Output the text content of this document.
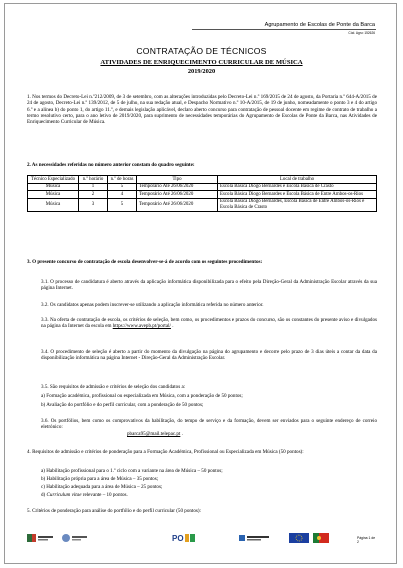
Agrupamento de Escolas de Ponte da Barca
Cód. Agru: 152626
CONTRATAÇÃO DE TÉCNICOS
ATIVIDADES DE ENRIQUECIMENTO CURRICULAR DE MÚSICA
2019/2020

1. Nos termos do Decreto-Lei n.º212/2009, de 3 de setembro, com as alterações introduzidas pelo Decreto-Lei n.º 169/2015 de 24 de agosto, da Portaria n.º 644-A/2015 de 24 de agosto, Decreto-Lei n.º 139/2012, de 5 de julho, na sua redação atual, e Despacho Normativo n.º 10-A/2015, de 19 de junho, nomeadamente o ponto 3 e 4 do artigo 6.º e a alínea b) do ponto 1, do artigo 11.º, e demais legislação aplicável, declaro aberto concurso para contratação de pessoal docente em regime de contrato de trabalho a termo resolutivo certo, para o ano letivo de 2019/2020, para suprimento de necessidades temporárias do Agrupamento de Escolas de Ponte da Barca, nas Atividades de Enriquecimento Curricular de Música.

2. As necessidades referidas no número anterior constam do quadro seguinte:

Técnico Especializado	n.º horário	n.º de horas	Tipo	Local de trabalho
Música	1	5	Temporário Até 26/06/2020	Escola Básica Diogo Bernardes e Escola Básica de Crasto
Música	2	4	Temporário Até 26/06/2020	Escola Básica Diogo Bernardes e Escola Básica de Entre Ambos-os-Rios
Música	3	5	Temporário Até 26/06/2020	Escola Básica Diogo Bernardes, Escola Básica de Entre Ambos-os-Rios e Escola Básica de Crasto

3. O presente concurso de contratação de escola desenvolver-se-á de acordo com os seguintes procedimentos:

3.1. O processo de candidatura é aberto através da aplicação informática disponibilizada para o efeito pela Direção-Geral da Administração Escolar através da sua página Internet.

3.2. Os candidatos apenas podem inscrever-se utilizando a aplicação informática referida no número anterior.

3.3. Na oferta de contratação de escola, os critérios de seleção, bem como, os procedimentos e prazos do concurso, são os constantes do presente aviso e divulgados na página da Internet da escola em https://www.avepb.pt/portal/ .

3.4. O procedimento de seleção é aberto a partir do momento da divulgação na página do agrupamento e decorre pelo prazo de 3 dias úteis a contar da data da disponibilização informática na página Internet - Direção-Geral da Administração Escolar.

3.5. São requisitos de admissão e critérios de seleção dos candidatos a:

a) Formação académica, profissional ou especializada em Música, com a ponderação de 50 pontos;

b) Avaliação do portfólio e do perfil curricular, com a ponderação de 50 pontos;

3.6. Os portfólios, bem como os comprovativos da habilitação, do tempo de serviço e da formação, devem ser enviados para o seguinte endereço de correio eletrónico:
pbarca95@mail.telepac.pt .

4. Requisitos de admissão e critérios de ponderação para a Formação Académica, Profissional ou Especializada em Música (50 pontos):

a) Habilitação profissional para o 1.º ciclo com a variante na área de Música – 50 pontos;

b) Habilitação própria para a área de Música – 35 pontos;

c) Habilitação adequada para a área de Música – 25 pontos;

d) Curriculum vitae relevante – 10 pontos.

5. Critérios de ponderação para análise do portfólio e do perfil curricular (50 pontos):

PO	Página 1 de 2
